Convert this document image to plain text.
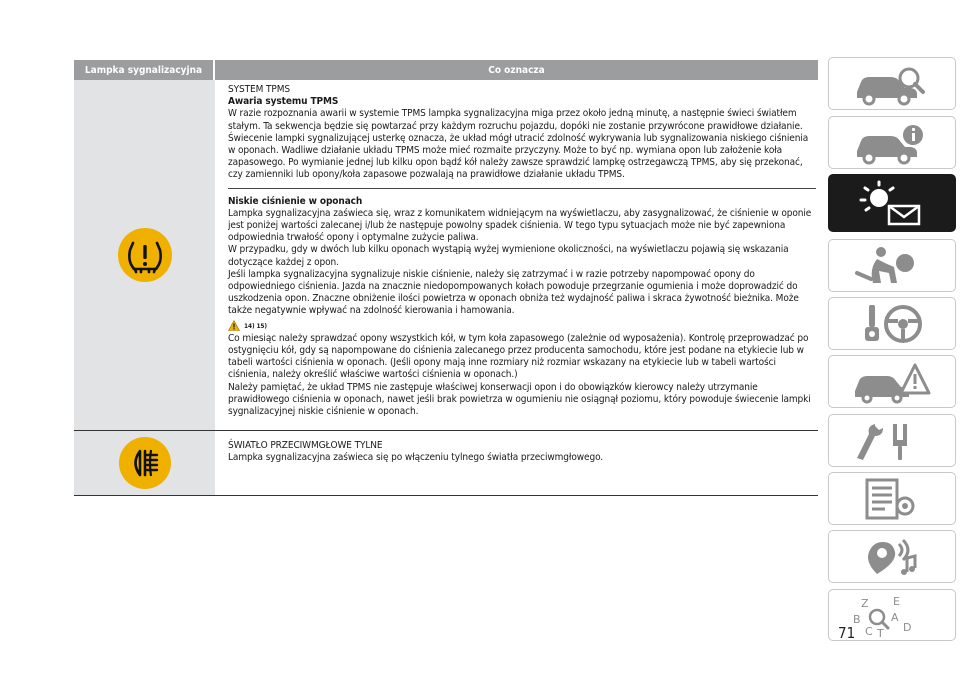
Lampka sygnalizacyjna	Co oznacza
SYSTEM TPMS
Awaria systemu TPMS

W razie rozpoznania awarii w systemie TPMS lampka sygnalizacyjna miga przez około jedną minutę, a następnie świeci światłem stałym. Ta sekwencja będzie się powtarzać przy każdym rozruchu pojazdu, dopóki nie zostanie przywrócone prawidłowe działanie. Świecenie lampki sygnalizującej usterkę oznacza, że układ mógł utracić zdolność wykrywania lub sygnalizowania niskiego ciśnienia w oponach. Wadliwe działanie układu TPMS może mieć rozmaite przyczyny. Może to być np. wymiana opon lub założenie koła zapasowego. Po wymianie jednej lub kilku opon bądź kół należy zawsze sprawdzić lampkę ostrzegawczą TPMS, aby się przekonać, czy zamienniki lub opony/koła zapasowe pozwalają na prawidłowe działanie układu TPMS.

Niskie ciśnienie w oponach

Lampka sygnalizacyjna zaświeca się, wraz z komunikatem widniejącym na wyświetlaczu, aby zasygnalizować, że ciśnienie w oponie jest poniżej wartości zalecanej i/lub że następuje powolny spadek ciśnienia. W tego typu sytuacjach może nie być zapewniona odpowiednia trwałość opony i optymalne zużycie paliwa.

W przypadku, gdy w dwóch lub kilku oponach wystąpią wyżej wymienione okoliczności, na wyświetlaczu pojawią się wskazania dotyczące każdej z opon.

Jeśli lampka sygnalizacyjna sygnalizuje niskie ciśnienie, należy się zatrzymać i w razie potrzeby napompować opony do odpowiedniego ciśnienia. Jazda na znacznie niedopompowanych kołach powoduje przegrzanie ogumienia i może doprowadzić do uszkodzenia opon. Znaczne obniżenie ilości powietrza w oponach obniża też wydajność paliwa i skraca żywotność bieżnika. Może także negatywnie wpływać na zdolność kierowania i hamowania.

14) 15)

Co miesiąc należy sprawdzać opony wszystkich kół, w tym koła zapasowego (zależnie od wyposażenia). Kontrolę przeprowadzać po ostygnięciu kół, gdy są napompowane do ciśnienia zalecanego przez producenta samochodu, które jest podane na etykiecie lub w tabeli wartości ciśnienia w oponach. (Jeśli opony mają inne rozmiary niż rozmiar wskazany na etykiecie lub w tabeli wartości ciśnienia, należy określić właściwe wartości ciśnienia w oponach.)

Należy pamiętać, że układ TPMS nie zastępuje właściwej konserwacji opon i do obowiązków kierowcy należy utrzymanie prawidłowego ciśnienia w oponach, nawet jeśli brak powietrza w ogumieniu nie osiągnął poziomu, który powoduje świecenie lampki sygnalizacyjnej niskie ciśnienie w oponach.

ŚWIATŁO PRZECIWMGŁOWE TYLNE

Lampka sygnalizacyjna zaświeca się po włączeniu tylnego światła przeciwmgłowego.

Z E
B	A
C T D
71
